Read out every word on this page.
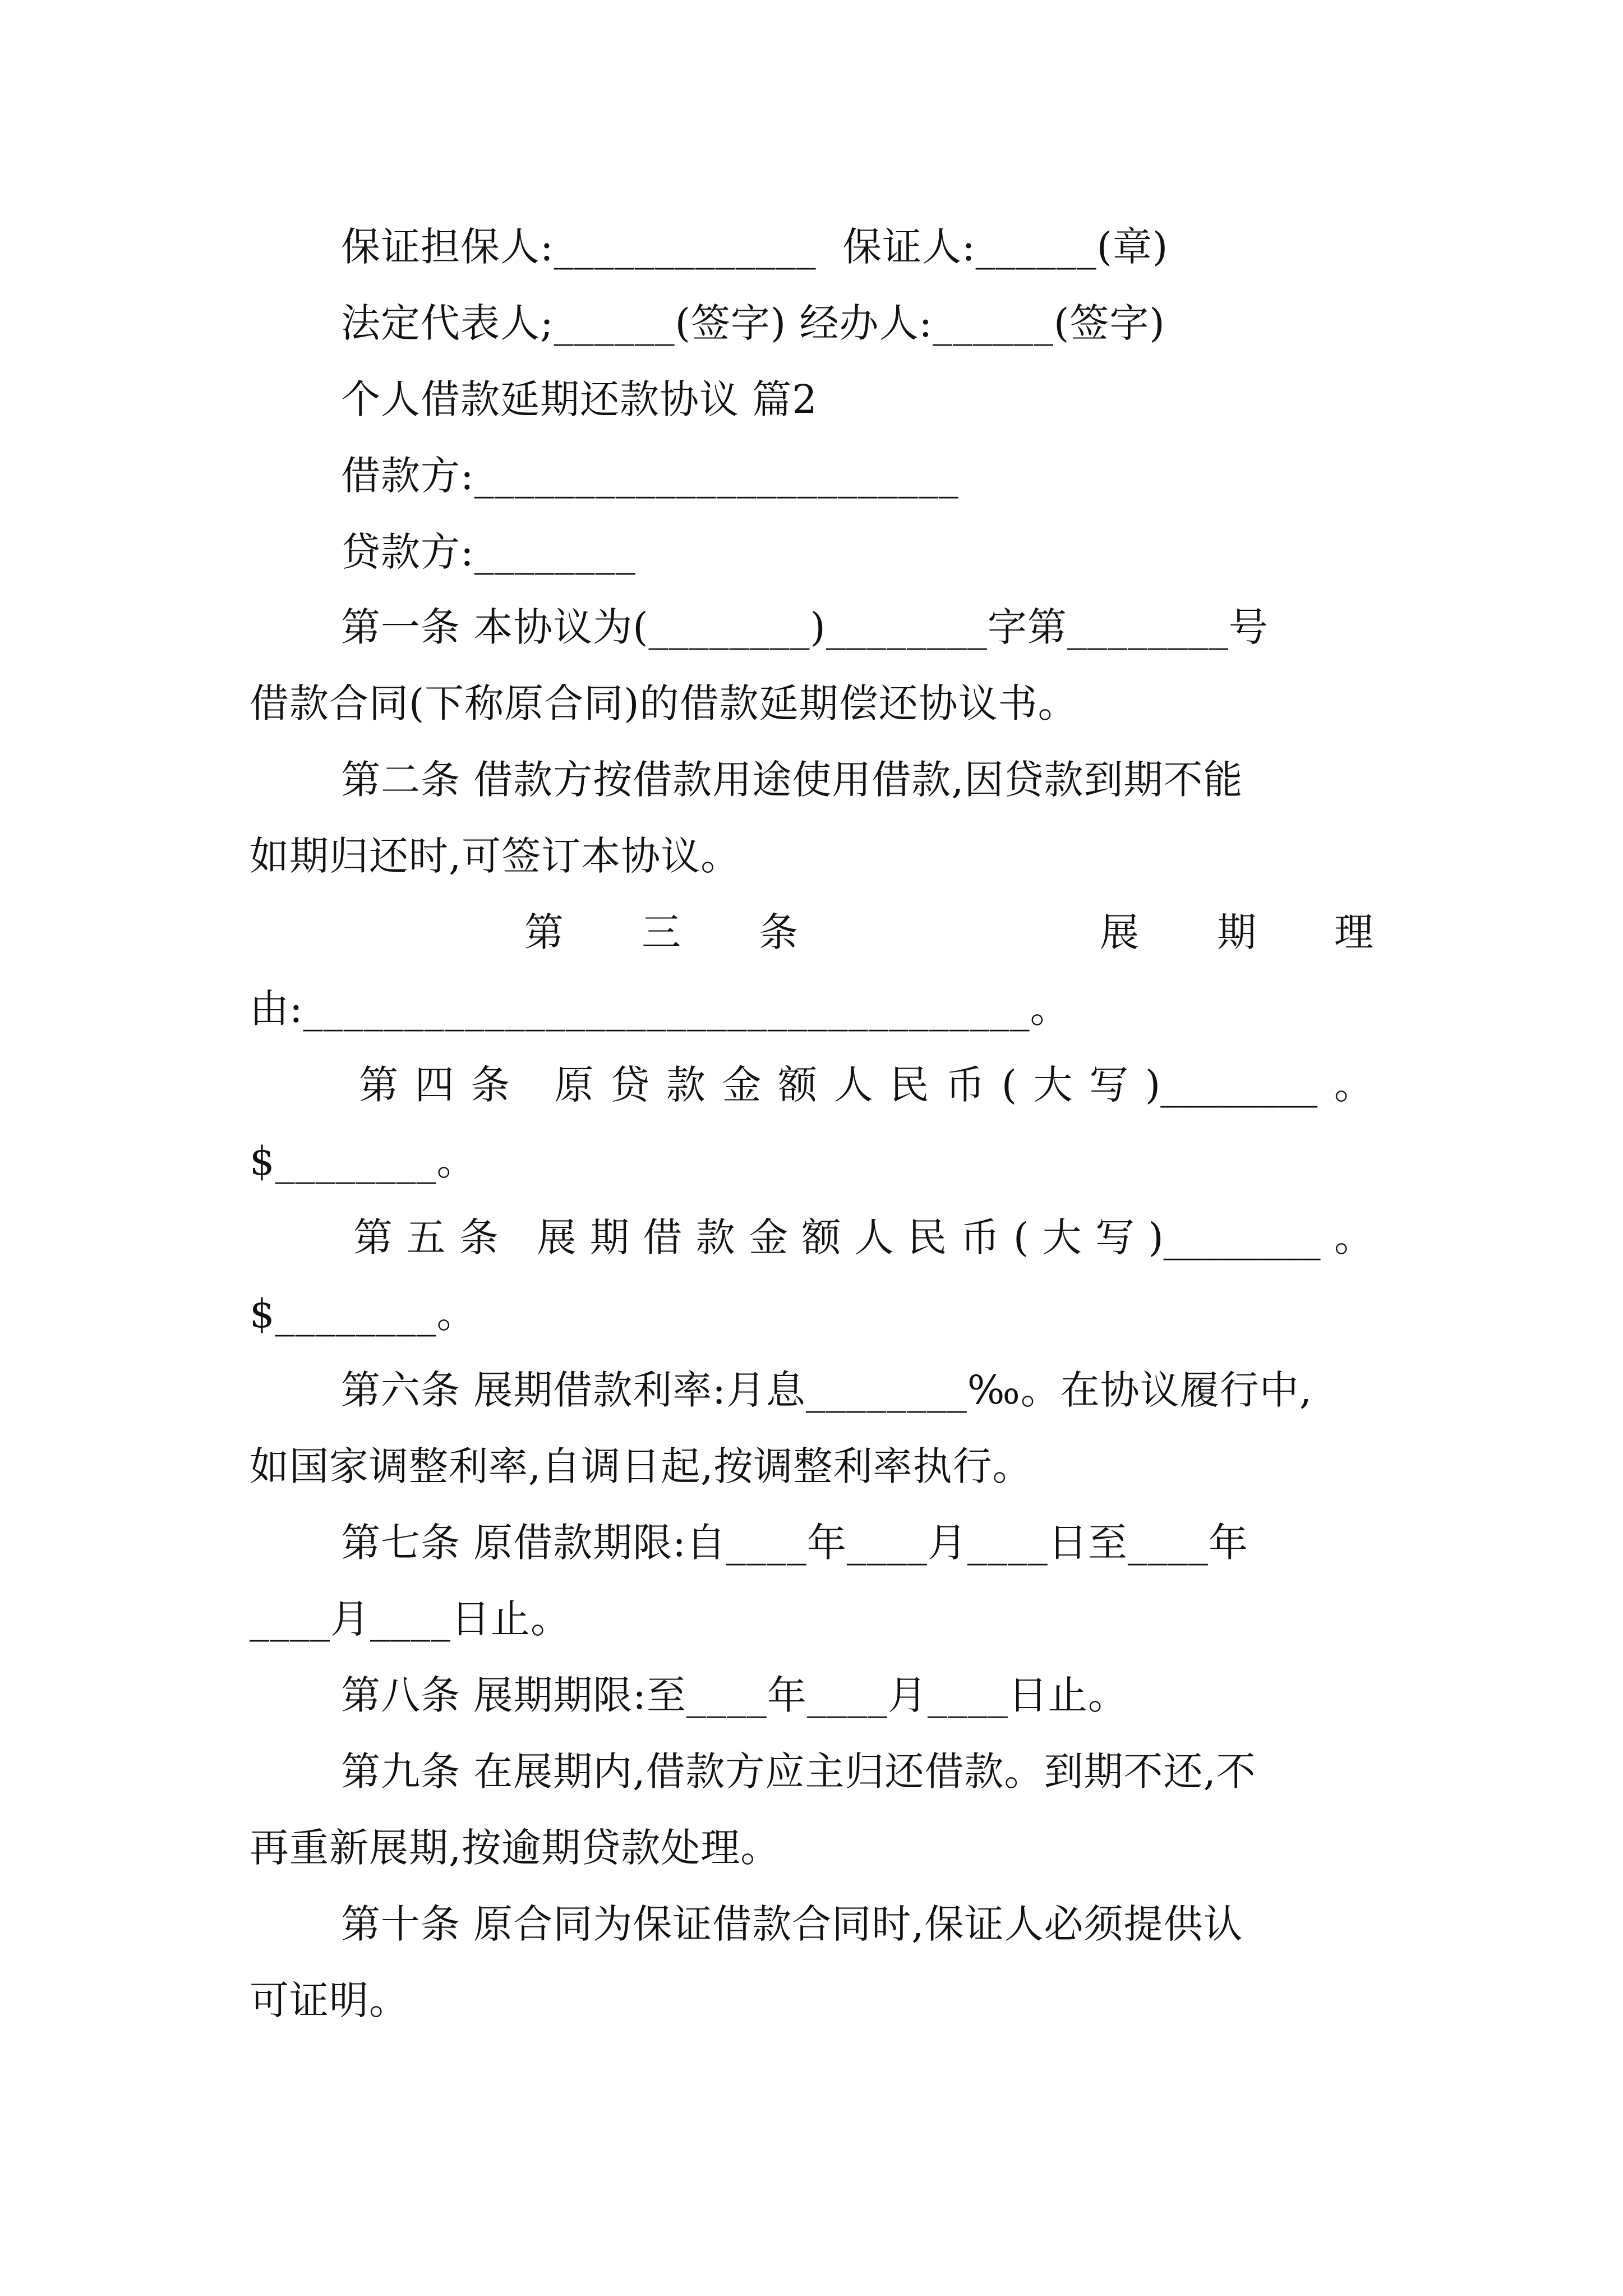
保证担保人:_____________  保证人:______(章)
法定代表人;______(签字) 经办人:______(签字)
个人借款延期还款协议 篇2
借款方:________________________
贷款方:________
第一条 本协议为(________)________字第________号
借款合同(下称原合同)的借款延期偿还协议书。
第二条 借款方按借款用途使用借款,因贷款到期不能
如期归还时,可签订本协议。
第 三 条	展 期 理
由:____________________________________。
第 四 条 原 贷 款 金 额 人 民 币 ( 大 写 )________ 。
$________。
第 五 条 展 期 借 款 金 额 人 民 币 ( 大 写 )________ 。
$________。
第六条 展期借款利率:月息________‰。在协议履行中,
如国家调整利率,自调日起,按调整利率执行。
第七条 原借款期限:自____年____月____日至____年
____月____日止。
第八条 展期期限:至____年____月____日止。
第九条 在展期内,借款方应主归还借款。到期不还,不
再重新展期,按逾期贷款处理。
第十条 原合同为保证借款合同时,保证人必须提供认
可证明。
